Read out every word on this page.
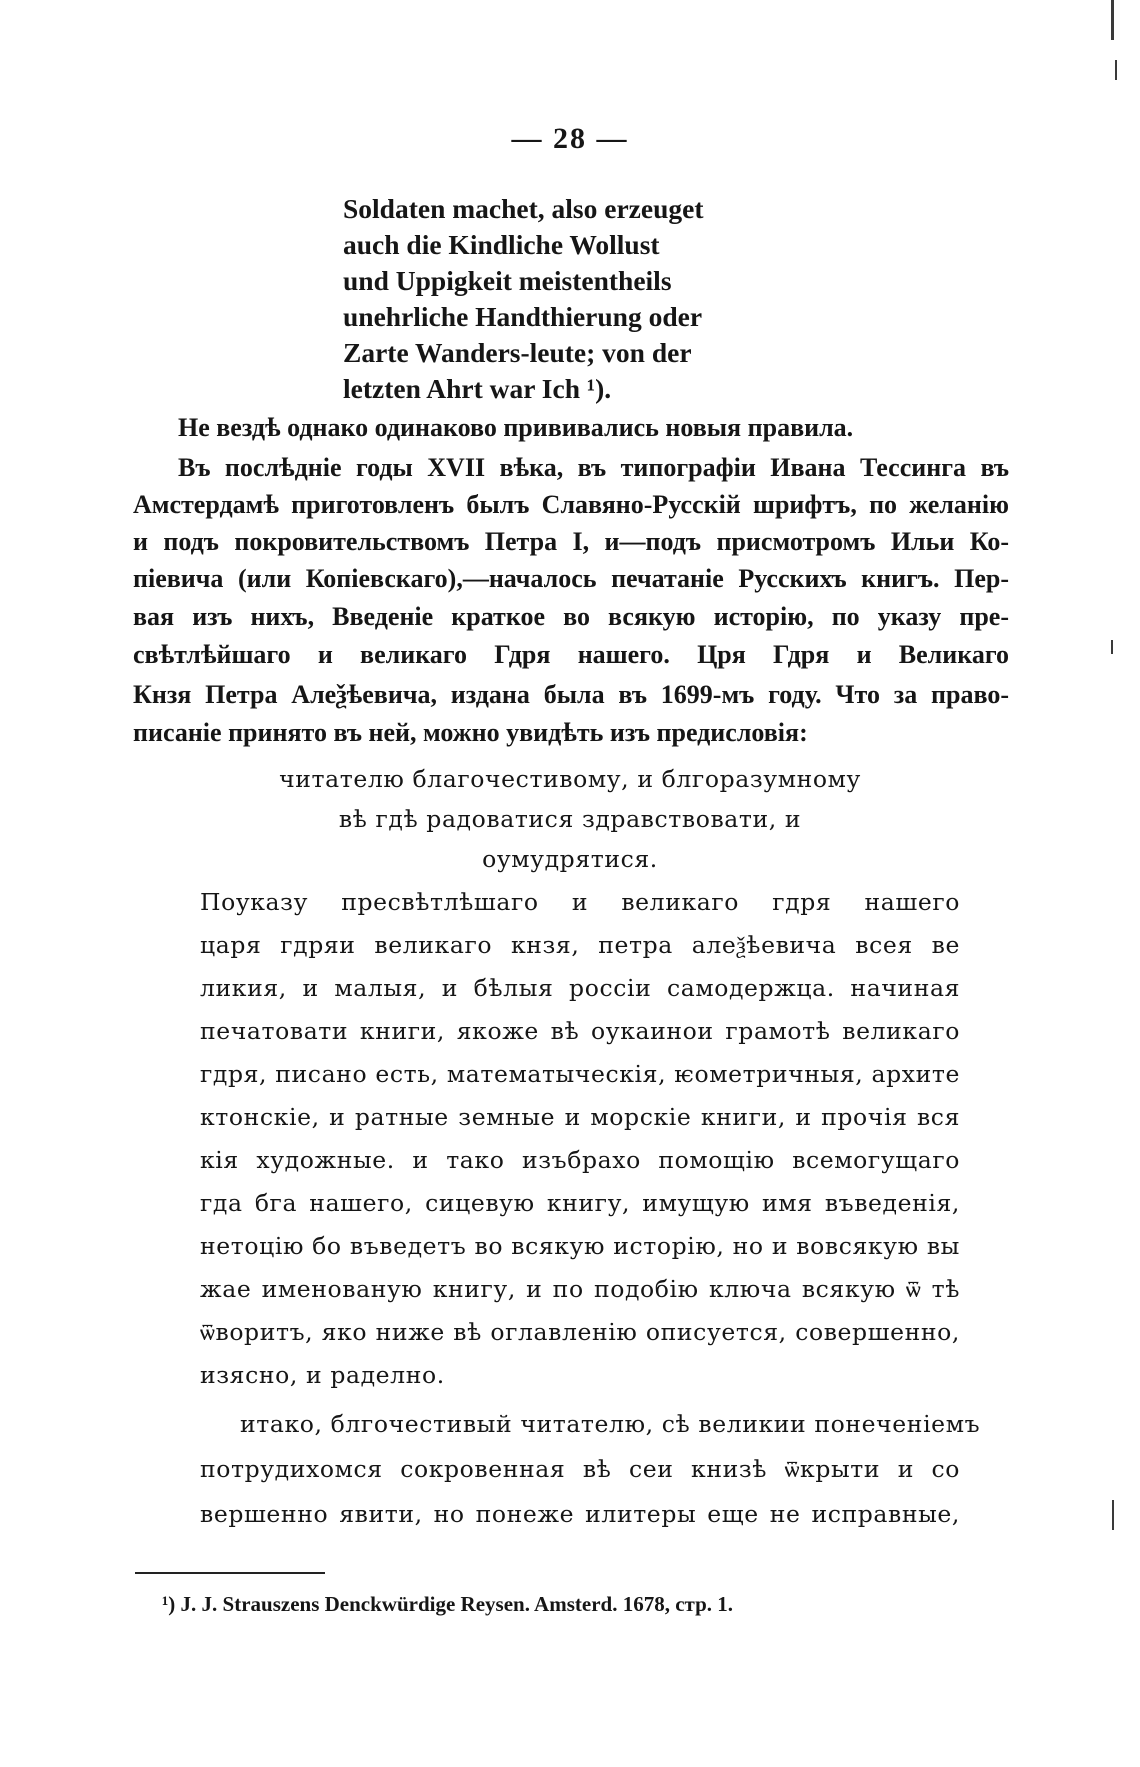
— 28 —
Soldaten machet, also erzeuget
auch die Kindliche Wollust
und Uppigkeit meistentheils
unehrliche Handthierung oder
Zarte Wanders-leute; von der
letzten Ahrt war Ich ¹).
Не вездѣ однако одинаково прививались новыя правила.
Въ послѣдніе годы XVII вѣка, въ типографіи Ивана Тессинга въ
Амстердамѣ приготовленъ былъ Славяно-Русскій шрифтъ, по желанію
и подъ покровительствомъ Петра I, и—подъ присмотромъ Ильи Ко-
піевича (или Копіевскаго),—началось печатаніе Русскихъ книгъ. Пер-
вая изъ нихъ, Введеніе краткое во всякую исторію, по указу пре-
свѣтлѣйшаго и великаго Гдря нашего. Цря Гдря и Великаго
Кнзя Петра Алеѯѣевича, издана была въ 1699-мъ году. Что за право-
писаніе принято въ ней, можно увидѣть изъ предисловія:
читателю благочестивому, и блгоразумному
вѣ гдѣ радоватися здравствовати, и
оумудрятися.
Поуказу пресвѣтлѣшаго и великаго гдря нашего
царя гдряи великаго кнзя, петра алеѯѣевича всея ве
ликия, и малыя, и бѣлыя россіи самодержца. начиная
печатовати книги, якоже вѣ оукаинои грамотѣ великаго
гдря, писано есть, математыческія, ѥометричныя, архите
ктонскіе, и ратные земные и морскіе книги, и прочія вся
кія художные. и тако изъбрахо помощію всемогущаго
гда бга нашего, сицевую книгу, имущую имя въведенія,
нетоцію бо въведетъ во всякую исторію, но и вовсякую вы
жае именованую книгу, и по подобію ключа всякую ѿ тѣ
ѿворитъ, яко ниже вѣ оглавленію описуется, совершенно,
изясно, и раделно.
итако, блгочестивый читателю, сѣ великии понеченіемъ
потрудихомся сокровенная вѣ сеи книзѣ ѿкрыти и со
вершенно явити, но понеже илитеры еще не исправные,
¹) J. J. Strauszens Denckwürdige Reysen. Amsterd. 1678, стр. 1.
